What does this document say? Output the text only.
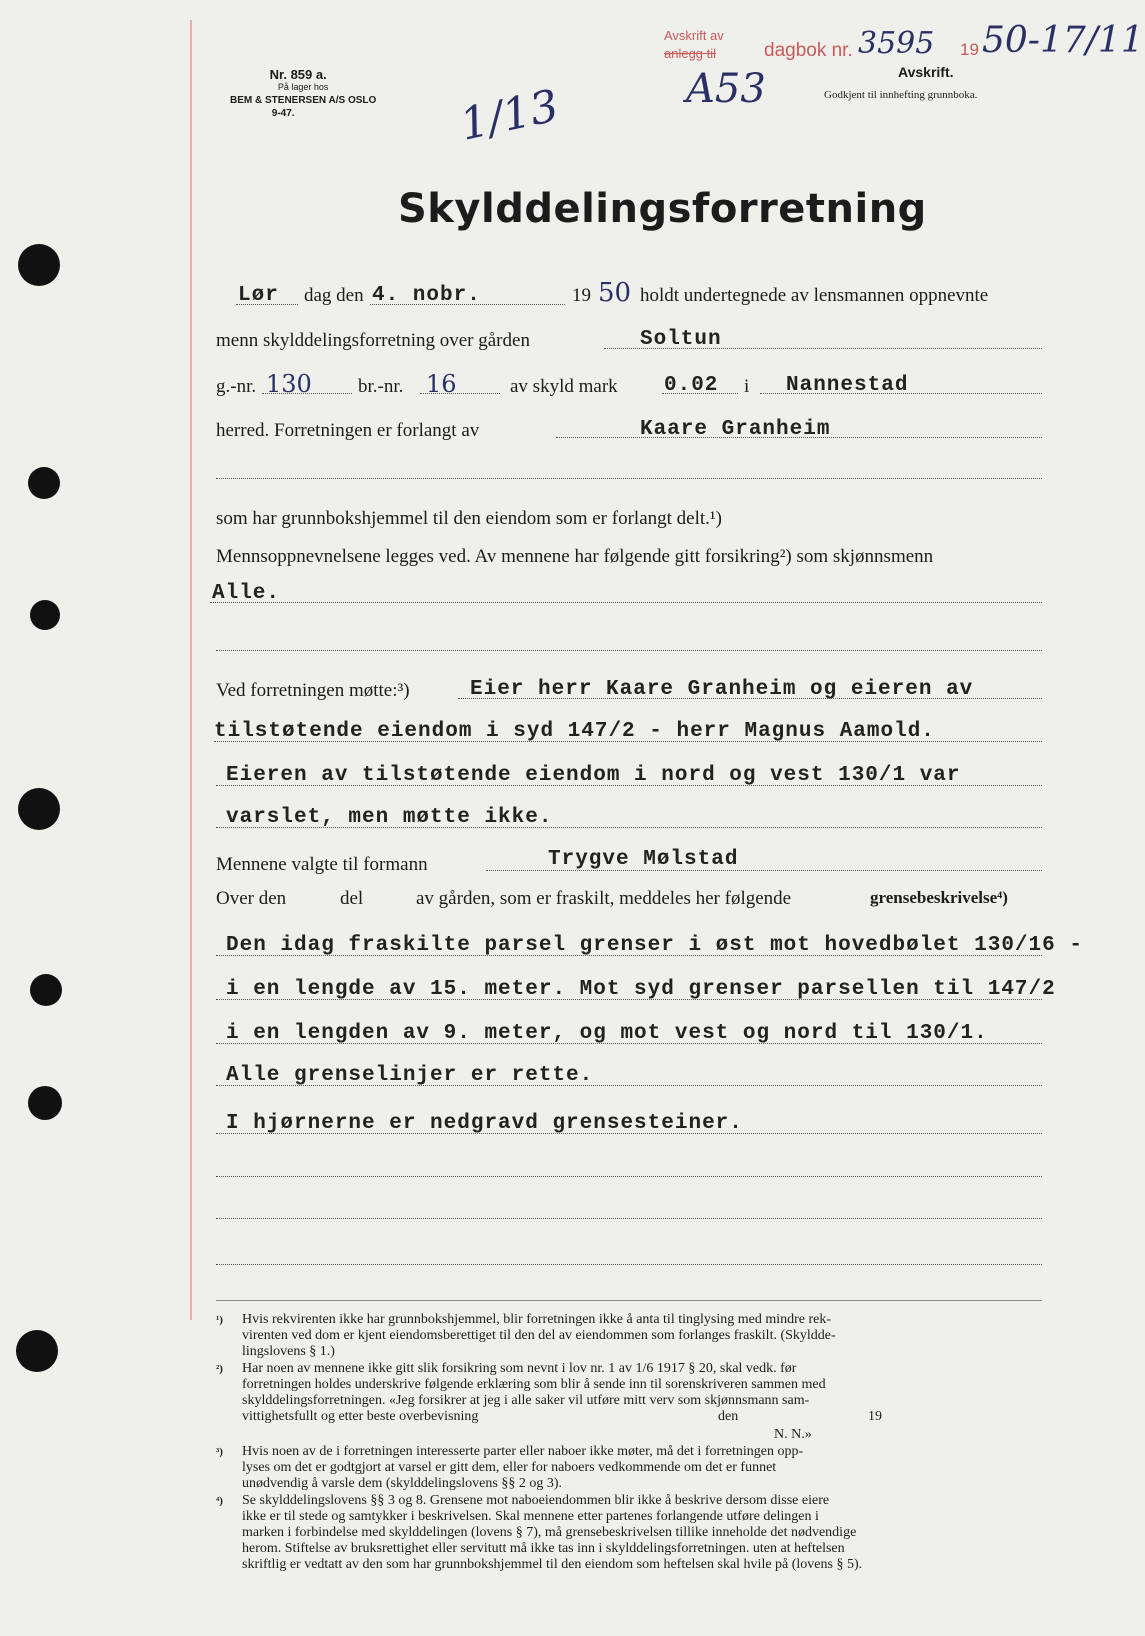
Nr. 859 a.
På lager hos
BEM & STENERSEN A/S OSLO
9-47.	1/13
Avskrift av
anlegg til	dagbok nr. 3595 19 50-17/11
Avskrift.
Godkjent til innhefting grunnboka.
A53
Skylddelingsforretning
Lør dag den 4. nobr.	19 50 holdt undertegnede av lensmannen oppnevnte
menn skylddelingsforretning over gården	Soltun
g.-nr. 130 br.-nr. 16	av skyld mark 0.02 i Nannestad
herred. Forretningen er forlangt av	Kaare Granheim
som har grunnbokshjemmel til den eiendom som er forlangt delt.¹)
Mennsoppnevnelsene legges ved. Av mennene har følgende gitt forsikring²) som skjønnsmenn
Alle.
Ved forretningen møtte:³)	Eier herr Kaare Granheim og eieren av
tilstøtende eiendom i syd 147/2 - herr Magnus Aamold.
Eieren av tilstøtende eiendom i nord og vest 130/1 var
varslet, men møtte ikke.
Mennene valgte til formann	Trygve Mølstad
Over den	del	av gården, som er fraskilt, meddeles her følgende	grensebeskrivelse⁴)
Den idag fraskilte parsel grenser i øst mot hovedbølet 130/16 -
i en lengde av 15. meter. Mot syd grenser parsellen til 147/2
i en lengden av 9. meter, og mot vest og nord til 130/1.
Alle grenselinjer er rette.
I hjørnerne er nedgravd grensesteiner.
¹) Hvis rekvirenten ikke har grunnbokshjemmel, blir forretningen ikke å anta til tinglysing med mindre rek-
virenten ved dom er kjent eiendomsberettiget til den del av eiendommen som forlanges fraskilt. (Skyldde-
lingslovens § 1.)
²) Har noen av mennene ikke gitt slik forsikring som nevnt i lov nr. 1 av 1/6 1917 § 20, skal vedk. før
forretningen holdes underskrive følgende erklæring som blir å sende inn til sorenskriveren sammen med
skylddelingsforretningen. «Jeg forsikrer at jeg i alle saker vil utføre mitt verv som skjønnsmann sam-
vittighetsfullt og etter beste overbevisning	den	19
N. N.»
³) Hvis noen av de i forretningen interesserte parter eller naboer ikke møter, må det i forretningen opp-
lyses om det er godtgjort at varsel er gitt dem, eller for naboers vedkommende om det er funnet
unødvendig å varsle dem (skylddelingslovens §§ 2 og 3).
⁴) Se skylddelingslovens §§ 3 og 8. Grensene mot naboeiendommen blir ikke å beskrive dersom disse eiere
ikke er til stede og samtykker i beskrivelsen. Skal mennene etter partenes forlangende utføre delingen i
marken i forbindelse med skylddelingen (lovens § 7), må grensebeskrivelsen tillike inneholde det nødvendige
herom. Stiftelse av bruksrettighet eller servitutt må ikke tas inn i skylddelingsforretningen. uten at heftelsen
skriftlig er vedtatt av den som har grunnbokshjemmel til den eiendom som heftelsen skal hvile på (lovens § 5).
